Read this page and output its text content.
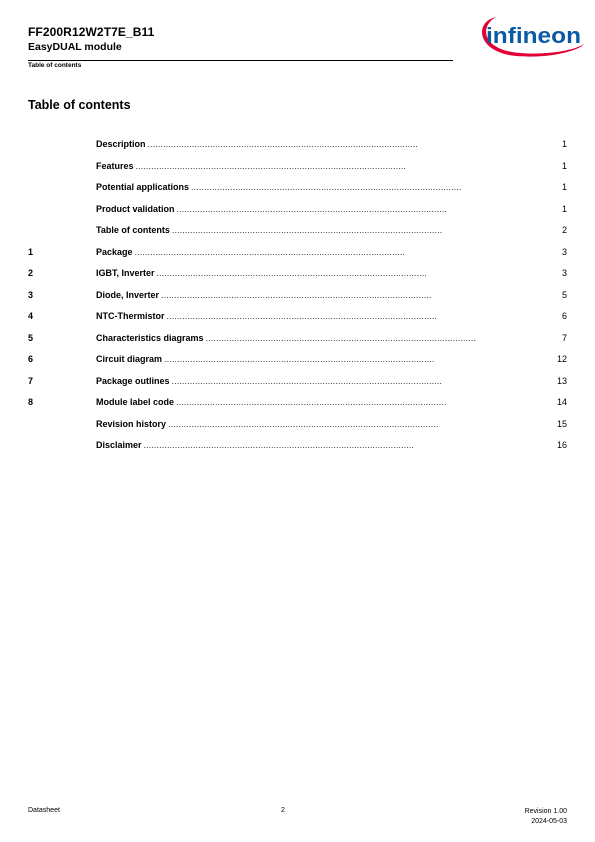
FF200R12W2T7E_B11
EasyDUAL module
Table of contents
infineon
Table of contents
Description . . .	1
Features . . .	1
Potential applications . . .	1
Product validation . . .	1
Table of contents . . .	2
1	Package . . .	3
2	IGBT, Inverter . . .	3
3	Diode, Inverter . . .	5
4	NTC-Thermistor . . .	6
5	Characteristics diagrams . . .	7
6	Circuit diagram . . .	12
7	Package outlines . . .	13
8	Module label code . . .	14
Revision history . . .	15
Disclaimer . . .	16
Datasheet	2	Revision 1.00
2024-05-03
